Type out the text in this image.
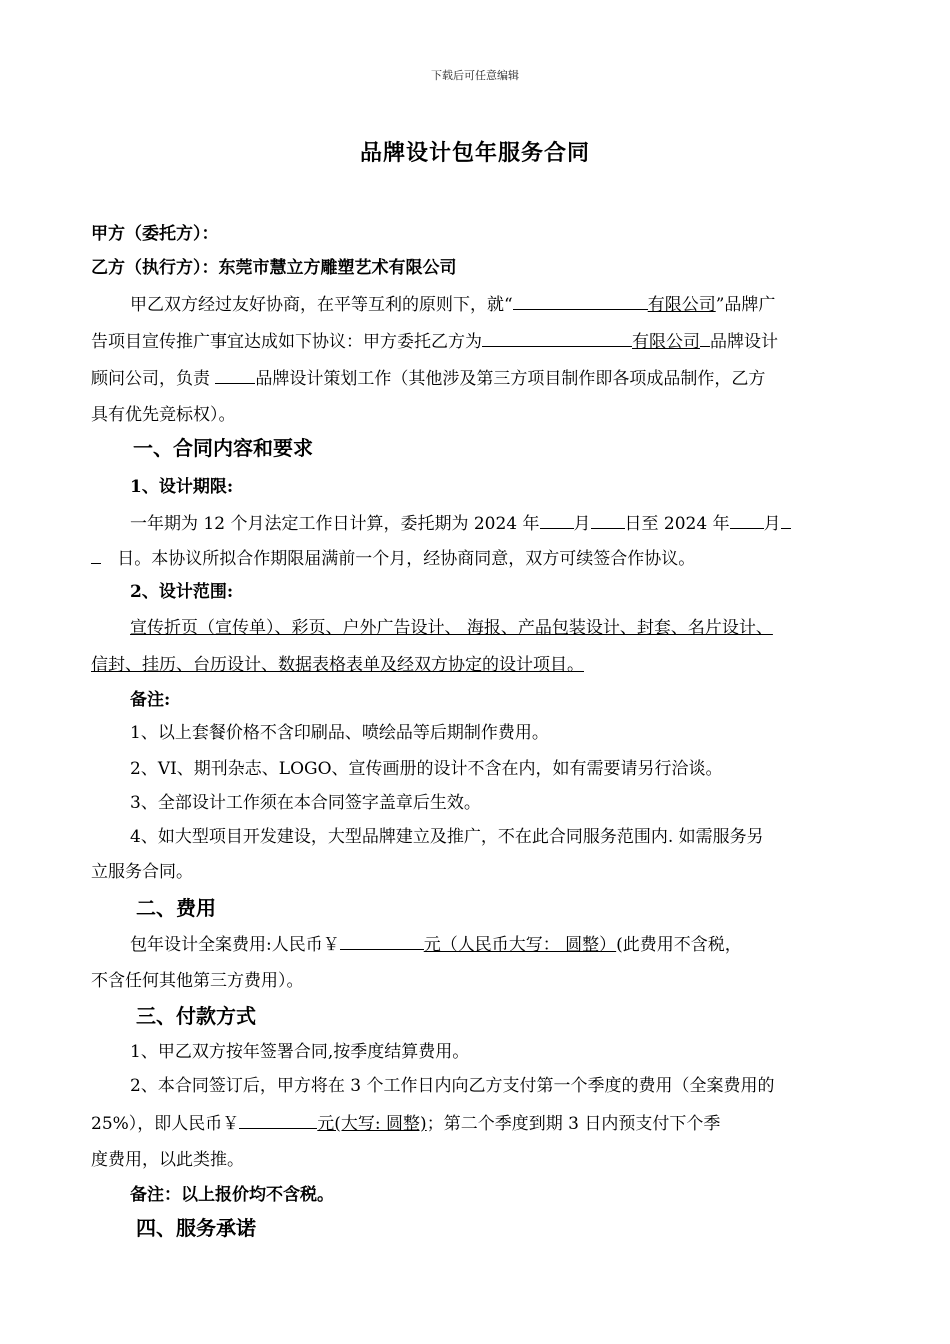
下载后可任意编辑
品牌设计包年服务合同
甲方（委托方）：
乙方（执行方）：东莞市慧立方雕塑艺术有限公司
甲乙双方经过友好协商，在平等互利的原则下，就“	有限公司”品牌广
告项目宣传推广事宜达成如下协议：甲方委托乙方为	有限公司 品牌设计
顾问公司，负责 品牌设计策划工作（其他涉及第三方项目制作即各项成品制作，乙方
具有优先竞标权）。
一、合同内容和要求
1、设计期限:
一年期为 12 个月法定工作日计算，委托期为 2024 年 月 日至 2024 年 月
日。本协议所拟合作期限届满前一个月，经协商同意，双方可续签合作协议。
2、设计范围:
宣传折页（宣传单）、彩页、户外广告设计、 海报、产品包装设计、封套、名片设计、
信封、挂历、台历设计、数据表格表单及经双方协定的设计项目。
备注:
1、以上套餐价格不含印刷品、喷绘品等后期制作费用。
2、VI、期刊杂志、LOGO、宣传画册的设计不含在内，如有需要请另行洽谈。
3、全部设计工作须在本合同签字盖章后生效。
4、如大型项目开发建设，大型品牌建立及推广，不在此合同服务范围内. 如需服务另
立服务合同。
二、费用
包年设计全案费用:人民币￥	元（人民币大写： 圆整）(此费用不含税，
不含任何其他第三方费用）。
三、付款方式
1、甲乙双方按年签署合同,按季度结算费用。
2、本合同签订后，甲方将在 3 个工作日内向乙方支付第一个季度的费用（全案费用的
25%），即人民币￥	元(大写: 圆整)；第二个季度到期 3 日内预支付下个季
度费用，以此类推。
备注：以上报价均不含税。
四、服务承诺
